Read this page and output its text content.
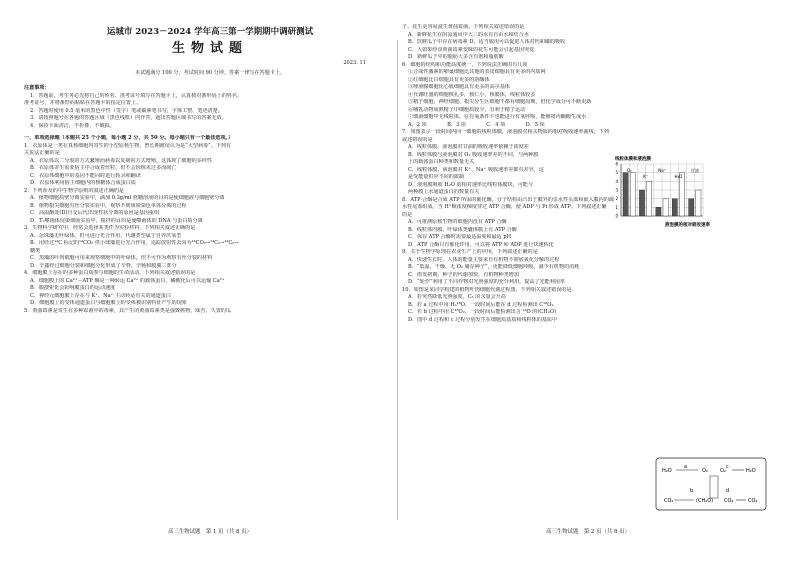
运城市 2023－2024 学年高三第一学期期中调研测试
生物试题
2023. 11
本试题满分 100 分，考试时间 90 分钟。答案一律写在答题卡上。
注意事项：
1．答题前，考生务必先将自己的姓名、准考证号填写在答题卡上，认真核对条形码上的姓名、
准考证号，并将条形码粘贴在答题卡的指定位置上。
2．答题时使用 0.5 毫米的黑色中性（签字）笔或碳素笔书写，字体工整、笔迹清楚。
3．请按照题号在各题的答题区域（黑色线框）内作答，超出答题区域书写的答案无效。
4．保持卡面清洁，不折叠，不破损。
一、单项选择题（本题共 25 个小题，每小题 2 分，共 50 分。每小题只有一个最佳选项。）
1．衣原体是一类在真核细胞内寄生的小型原核生物，曾长期被误认为是“大型病毒”。下列有
关说法正确的是
A．衣原体以二分裂的方式繁殖而病毒以复制的方式增殖，这体现了细胞的多样性
B．衣原体寄生需要宿主中合成着丝粒，但不会因核未过多而凋亡
C．衣原体细胞中的基因不能同时进行转录和翻译
D．衣原体利用宿主细胞内的核糖体合成蛋白质
2．下列涉及的中生物学原则的叙述正确的是
A．植物细胞质壁分离实验中，滴加 0.3g/ml 蔗糖溶液的目的是使细胞液与细胞壁分离
B．植物根尖细胞有丝分裂实验中，观察不到姐妹染色单体分离的过程
C．高温酶处(D)自交后代出现性状分离的原因是基因重组
D．T₂噬菌体侵染细菌实验中，搅拌的目的是使噬菌体的 DNA 与蛋白质分离
3．生物科学研究中，经常会选择某类作为实验材料，下列相关叙述正确的是
A．念珠藻无叶绿体，但可进行光合作用，代谢类型属于自养厌氧型
B．用经过¹⁴C 标记的¹⁴CO₂ 供小球藻进行光合作用，追踪放射性去向为¹⁴CO₂→¹⁴C₃→¹⁴C₅→
糖类
C．黑藻的叶肉细胞可用来观察细胞中的叶绿体，但不可作为观察有丝分裂的材料
D．辛鑫经过细胞分裂和细胞分化形成了辛脊、辛杨和膜翼三部分
4．细胞膜上存在的多种蛋白质参与细胞的生命活动。下列相关叙述错误的是
A．细胞膜上的 Ca²⁺－ATP 酶是一种转运 Ca²⁺ 的载体蛋白，磷酸化后可以运输 Ca²⁺
B．膜搜索化会影响膜蛋白的运动速度
C．神经元细胞膜上存在与 K⁺、Na⁺ 主动转运有关的通道蛋白
D．细胞膜上的受体通道蛋白与细胞膜上的受体被识别特征产生的现象
5．黄曲霉素是寄生在多种霉菌中的毒素，其产生的黄曲霉素类是强致癌物，味苦、久置的瓜
高三生物试题　第 1 页（共 8 页）
子、花生更容易滋生黄曲霉菌。下列相关叙述错误的是
A．新鲜花生在阴凉通风中大三的水有自由水和结合水
B．饮鲜瓜子中存在病毒素 D，适当服用可以促进人体对钙和磷的吸收
C．人如果经食黄曲霉素变味的花生可能会引起基因突变
D．新鲜瓜子中的脂肪大多含有饱和脂肪酸
6．细胞的结构和功能高度统一，下列说法正确的有几项
①合成性激素的卵巢细胞比其他的表皮细胞具有更多的内质网
②红细胞比白细胞具有更多的溶酶体
③唾液腺细胞比心肌细胞具有更多的高尔基体
④代谢旺盛的细胞核孔多，核仁小，核膜体，线粒体较多
⑤精子细胞、神经细胞、根尖分生区细胞不都有细胞周期，但化学成分可不断更新
⑥哺乳动物成熟精子中细胞质较少，有利于精子运动
⑦细菌细胞中无线粒体，在有氧条件下也能进行有氧呼吸，能够将丙酮酸生成水
A．2 项　　　　B．3 项　　　　C．4 项　　　　D．5 项
7．如图表示一段时间内同一细胞的线粒体膜，液泡膜对相关物质的相对吸收速率曲线，下列
叙述错误的是
A．线粒体膜、液泡膜对甘油的吸收速率依赖于浓度差
B．线粒体膜与液泡膜对 O₂ 吸收速率差的不同，与两种膜
上的载体蛋白种类和数量无关
C．线粒体膜、液泡膜对 K⁺、Na⁺ 吸收速率差都有差异，这
是受能量供应不同的限制
D．液泡膜吸收 H₂O 的相对速率比线粒体膜快，可能与
两种膜上水通道蛋白的数量有关
8．ATP 合酶是合成 ATP 所需的催化酶，分子结构由凸出于膜外的亲水性头部和嵌入膜内的疏
水性尾部组成。当 H⁺顺浓度梯度穿过 ATP 合酶，使 ADP 与 Pi 形成 ATP。下列叙述正确
的是
A．可推测原核生物的细胞内没有 ATP 合酶
B．线粒体内膜、叶绿体类囊体膜上有 ATP 合酶
C．保存 ATP 合酶时需要最适温度和最适 pH
D．ATP 合酶只有催化作用，可以将 ATP 和 ADP 进行快速转化
9．关于生物学原理在农业生产上的应用，下列叙述正确的是
A．快速生长时，人体的能量主要来自有机物不彻底氧化分解的过程
B．“低温、干燥、无 O₂ 储存种子”，更能降低细胞呼吸，减少有机物的消耗
C．雨发初期，种子的代谢加快，有机物种类增加
D．“轮作”利用了不同作物对光照强度的充分利用，提高了光能利用率
10．如图是某同学构建的植物叶肉细胞代谢过程图，下列相关叙述错误的是
A．若突然降低光照强度，C₅ 的含量会升高
B．若 a 过程中用 H₂¹⁸O，一段时间后能在 d 过程检测出 C¹⁸O₂
C．若 b 过程中用 C¹⁸O₂，一段时间后能检测出含 ¹⁸O 的(CH₂O)
D．图中 d 过程和 c 过程分别发生在细胞质基质和线粒体的基质中
线粒体膜和液泡膜
液泡膜的相对吸收速率
0
1
2
3
4
5
6
O₂
K⁺
Na⁺
H₂O
甘油
H₂O	O₂
a
b
c
d
CO₂	(CH₂O)
O₂	H₂O
CO₂	CO₂
高三生物试题　第 2 页（共 8 页）
